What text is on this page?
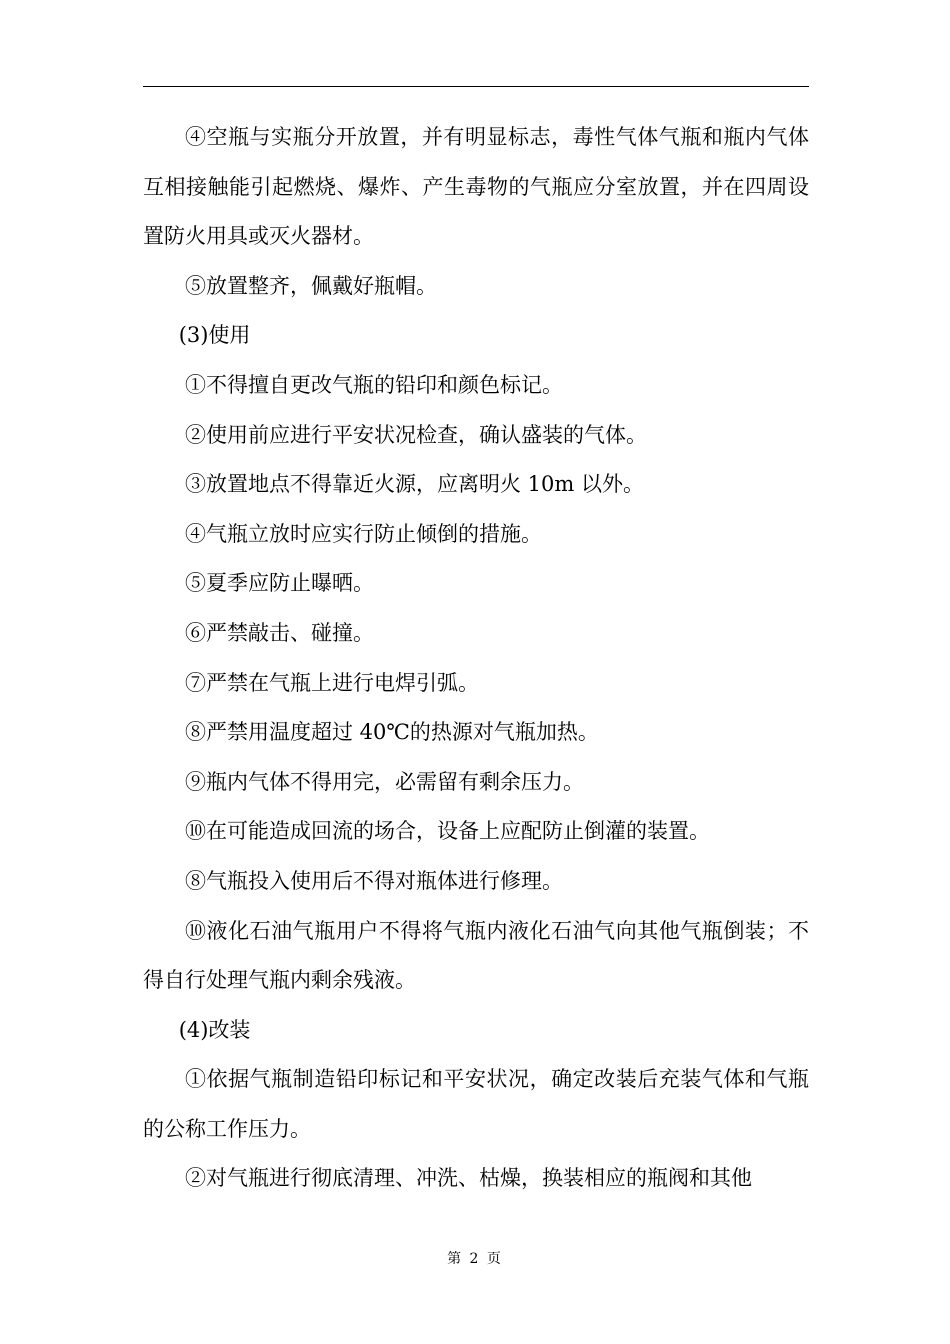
④空瓶与实瓶分开放置，并有明显标志，毒性气体气瓶和瓶内气体互相接触能引起燃烧、爆炸、产生毒物的气瓶应分室放置，并在四周设置防火用具或灭火器材。

⑤放置整齐，佩戴好瓶帽。

(3)使用

①不得擅自更改气瓶的铅印和颜色标记。

②使用前应进行平安状况检查，确认盛装的气体。

③放置地点不得靠近火源，应离明火 10m 以外。

④气瓶立放时应实行防止倾倒的措施。

⑤夏季应防止曝晒。

⑥严禁敲击、碰撞。

⑦严禁在气瓶上进行电焊引弧。

⑧严禁用温度超过 40℃的热源对气瓶加热。

⑨瓶内气体不得用完，必需留有剩余压力。

⑩在可能造成回流的场合，设备上应配防止倒灌的装置。

⑧气瓶投入使用后不得对瓶体进行修理。

⑩液化石油气瓶用户不得将气瓶内液化石油气向其他气瓶倒装；不得自行处理气瓶内剩余残液。

(4)改装

①依据气瓶制造铅印标记和平安状况，确定改装后充装气体和气瓶的公称工作压力。

②对气瓶进行彻底清理、冲洗、枯燥，换装相应的瓶阀和其他

第 2 页
